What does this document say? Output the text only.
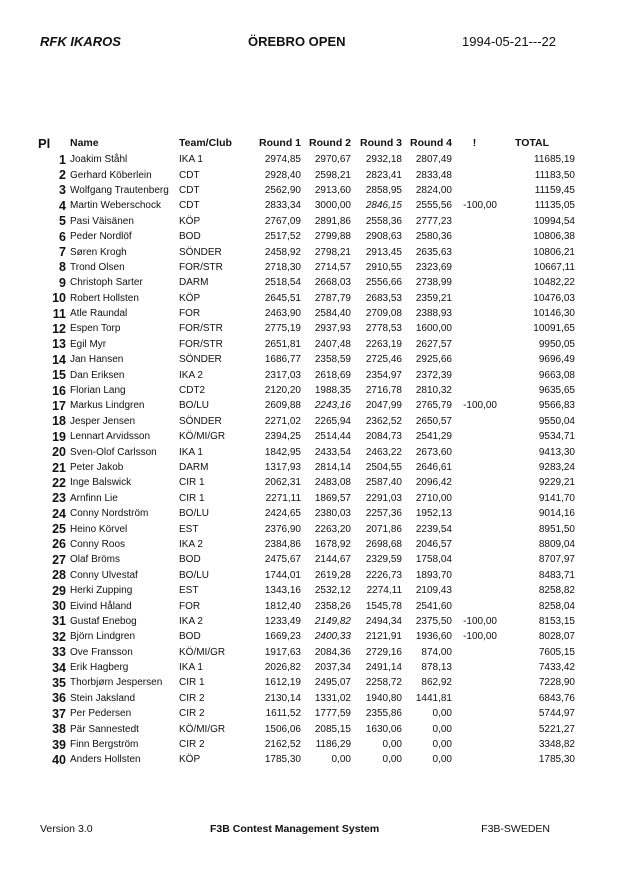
RFK IKAROS	ÖREBRO OPEN	1994-05-21---22
Pl	Name	Team/Club	Round 1	Round 2	Round 3	Round 4	!	TOTAL
1	Joakim Ståhl	IKA 1	2974,85	2970,67	2932,18	2807,49		11685,19
2	Gerhard Köberlein	CDT	2928,40	2598,21	2823,41	2833,48		11183,50
3	Wolfgang Trautenberg	CDT	2562,90	2913,60	2858,95	2824,00		11159,45
4	Martin Weberschock	CDT	2833,34	3000,00	2846,15	2555,56	-100,00	11135,05
5	Pasi Väisänen	KÖP	2767,09	2891,86	2558,36	2777,23		10994,54
6	Peder Nordlöf	BOD	2517,52	2799,88	2908,63	2580,36		10806,38
7	Søren Krogh	SÖNDER	2458,92	2798,21	2913,45	2635,63		10806,21
8	Trond Olsen	FOR/STR	2718,30	2714,57	2910,55	2323,69		10667,11
9	Christoph Sarter	DARM	2518,54	2668,03	2556,66	2738,99		10482,22
10	Robert Hollsten	KÖP	2645,51	2787,79	2683,53	2359,21		10476,03
11	Atle Raundal	FOR	2463,90	2584,40	2709,08	2388,93		10146,30
12	Espen Torp	FOR/STR	2775,19	2937,93	2778,53	1600,00		10091,65
13	Egil Myr	FOR/STR	2651,81	2407,48	2263,19	2627,57		9950,05
14	Jan Hansen	SÖNDER	1686,77	2358,59	2725,46	2925,66		9696,49
15	Dan Eriksen	IKA 2	2317,03	2618,69	2354,97	2372,39		9663,08
16	Florian Lang	CDT2	2120,20	1988,35	2716,78	2810,32		9635,65
17	Markus Lindgren	BO/LU	2609,88	2243,16	2047,99	2765,79	-100,00	9566,83
18	Jesper Jensen	SÖNDER	2271,02	2265,94	2362,52	2650,57		9550,04
19	Lennart Arvidsson	KÖ/MI/GR	2394,25	2514,44	2084,73	2541,29		9534,71
20	Sven-Olof Carlsson	IKA 1	1842,95	2433,54	2463,22	2673,60		9413,30
21	Peter Jakob	DARM	1317,93	2814,14	2504,55	2646,61		9283,24
22	Inge Balswick	CIR 1	2062,31	2483,08	2587,40	2096,42		9229,21
23	Arnfinn Lie	CIR 1	2271,11	1869,57	2291,03	2710,00		9141,70
24	Conny Nordström	BO/LU	2424,65	2380,03	2257,36	1952,13		9014,16
25	Heino Körvel	EST	2376,90	2263,20	2071,86	2239,54		8951,50
26	Conny Roos	IKA 2	2384,86	1678,92	2698,68	2046,57		8809,04
27	Olaf Bröms	BOD	2475,67	2144,67	2329,59	1758,04		8707,97
28	Conny Ulvestaf	BO/LU	1744,01	2619,28	2226,73	1893,70		8483,71
29	Herki Zupping	EST	1343,16	2532,12	2274,11	2109,43		8258,82
30	Eivind Håland	FOR	1812,40	2358,26	1545,78	2541,60		8258,04
31	Gustaf Enebog	IKA 2	1233,49	2149,82	2494,34	2375,50	-100,00	8153,15
32	Björn Lindgren	BOD	1669,23	2400,33	2121,91	1936,60	-100,00	8028,07
33	Ove Fransson	KÖ/MI/GR	1917,63	2084,36	2729,16	874,00		7605,15
34	Erik Hagberg	IKA 1	2026,82	2037,34	2491,14	878,13		7433,42
35	Thorbjørn Jespersen	CIR 1	1612,19	2495,07	2258,72	862,92		7228,90
36	Stein Jaksland	CIR 2	2130,14	1331,02	1940,80	1441,81		6843,76
37	Per Pedersen	CIR 2	1611,52	1777,59	2355,86	0,00		5744,97
38	Pär Sannestedt	KÖ/MI/GR	1506,06	2085,15	1630,06	0,00		5221,27
39	Finn Bergström	CIR 2	2162,52	1186,29	0,00	0,00		3348,82
40	Anders Hollsten	KÖP	1785,30	0,00	0,00	0,00		1785,30
Version 3.0	F3B Contest Management System	F3B-SWEDEN
